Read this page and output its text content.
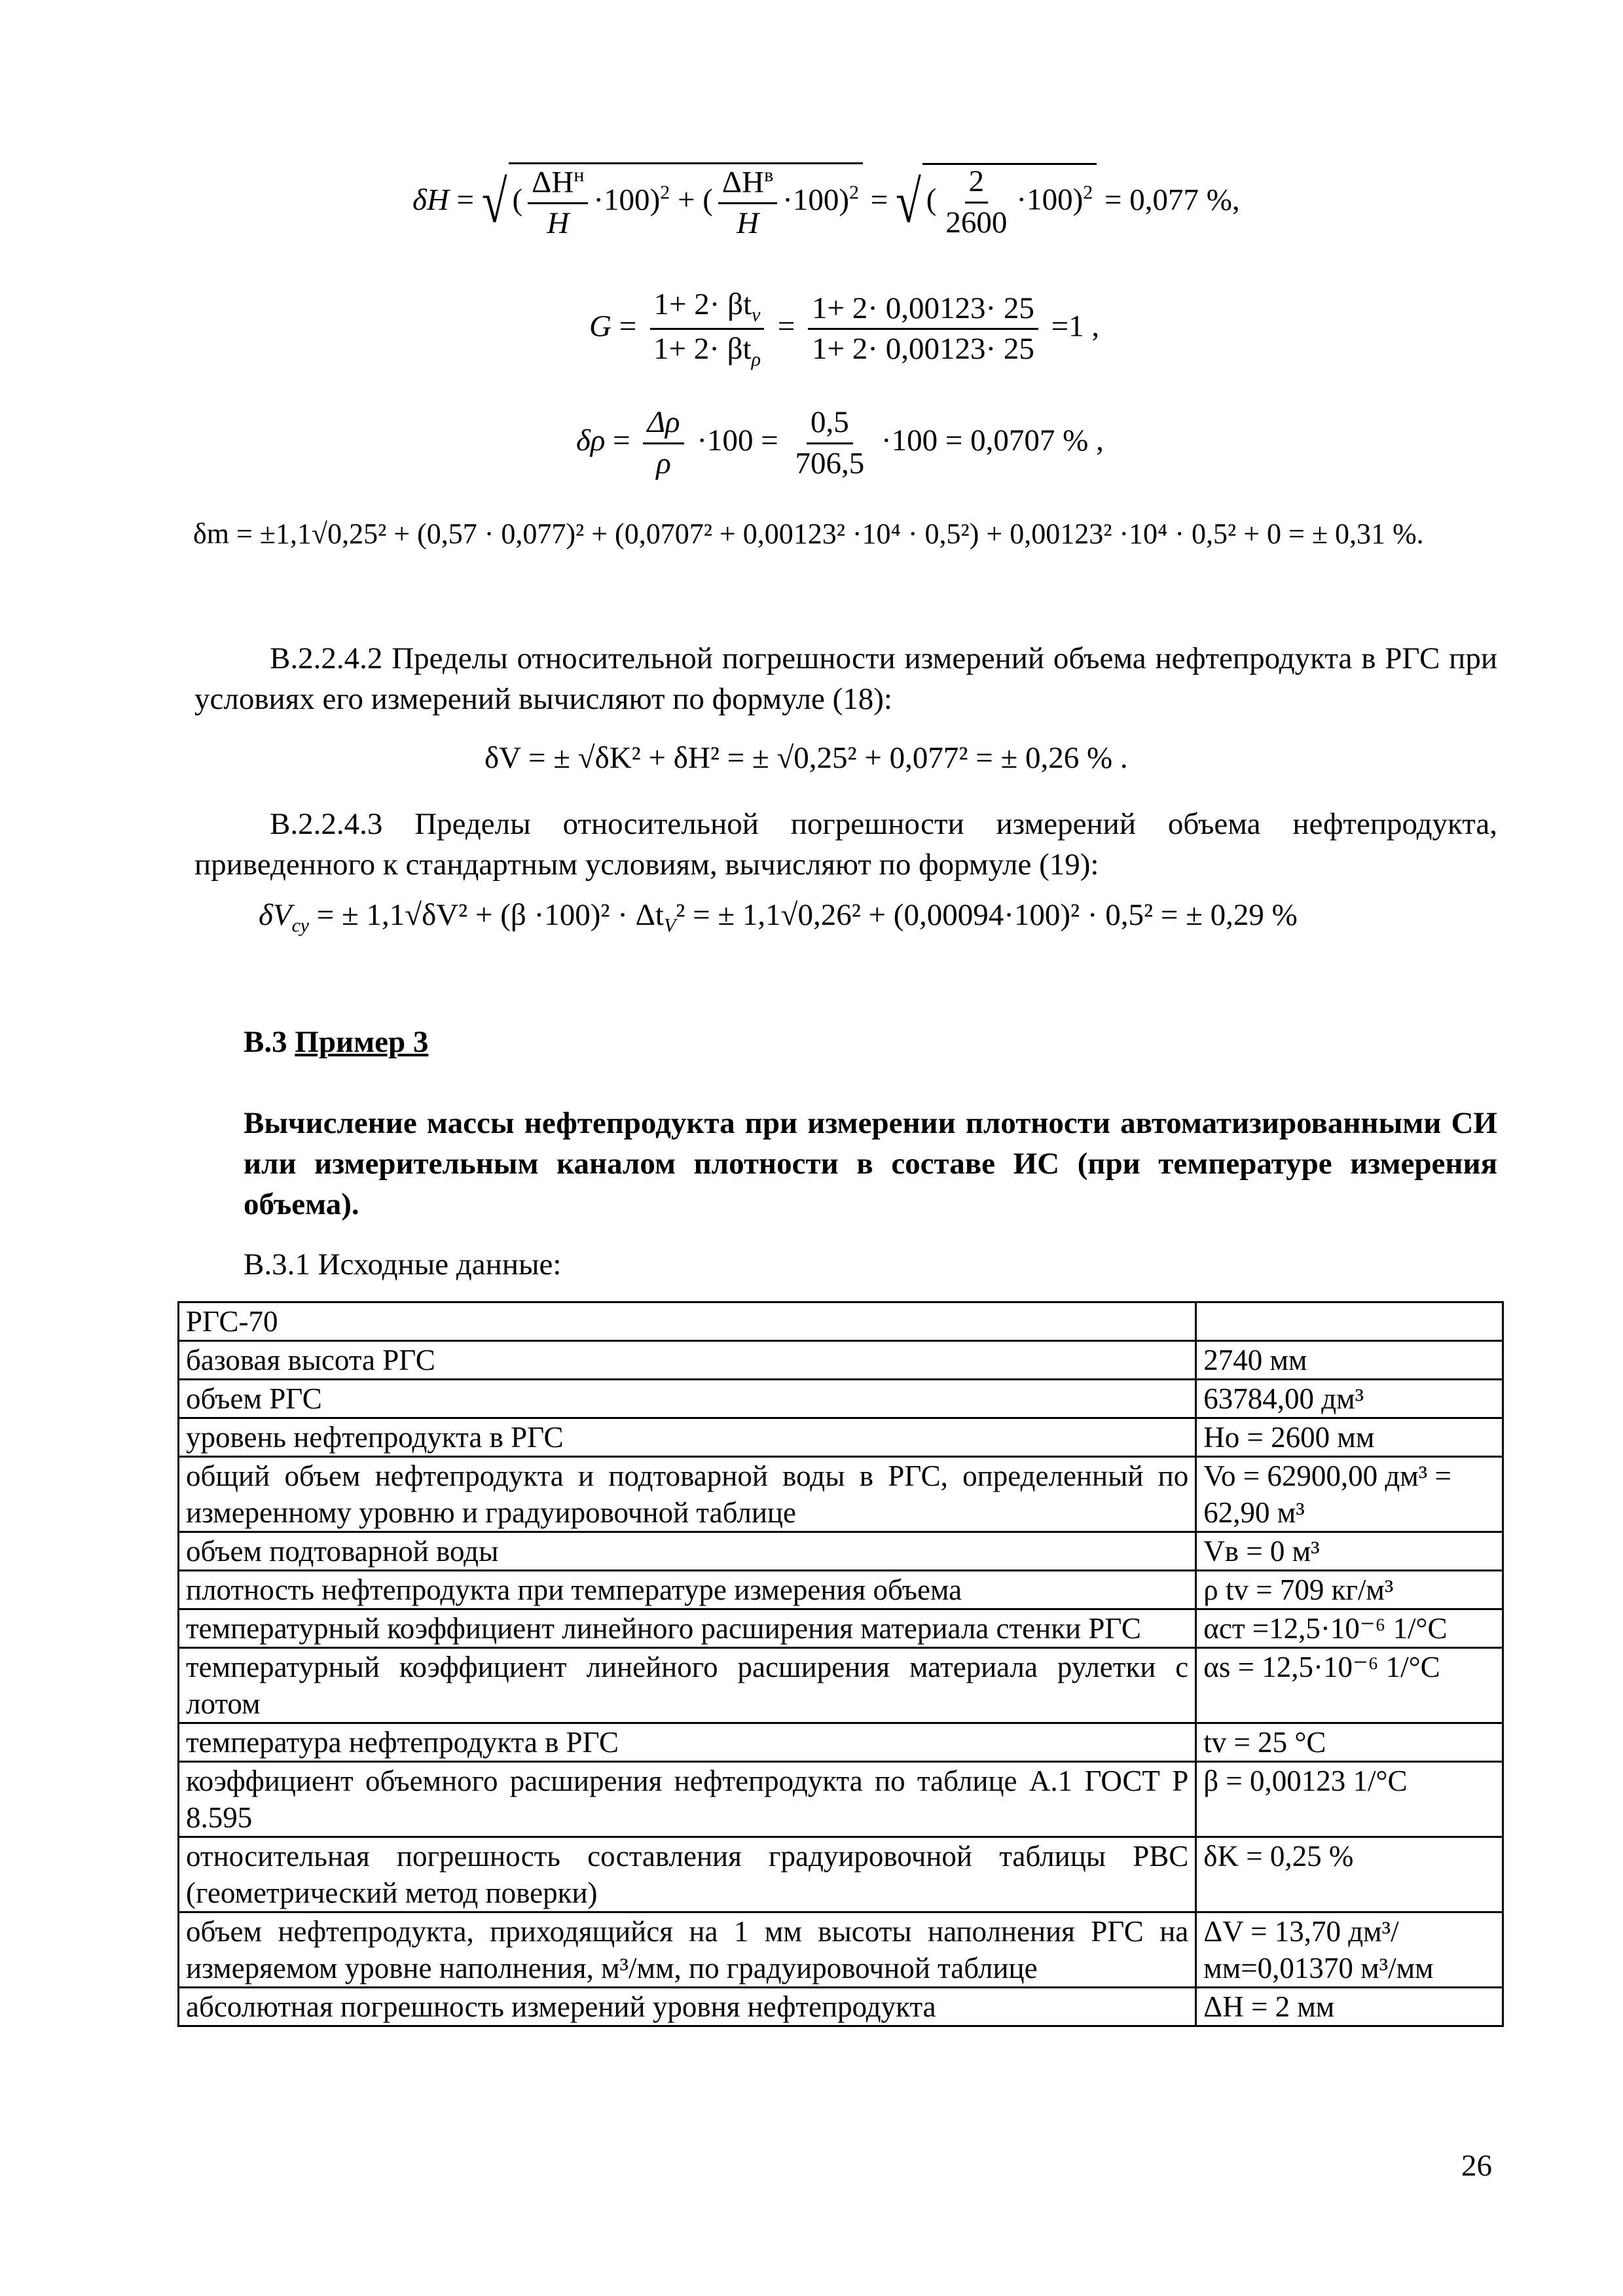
δH = √( $\frac{\Delta H^н}{H} \cdot 100)^2$ + ( $\frac{\Delta H^в}{H} \cdot 100)^2$ = √ ( $\frac{2}{2600} \cdot 100)^2 = 0,077$ %,
$G = \frac{1+ 2\cdot \beta t_v}{1+ 2\cdot \beta t_\rho} = \frac{1+ 2\cdot 0,00123\cdot 25}{1+ 2\cdot 0,00123\cdot 25} =1$ ,
$\delta\rho = \frac{\Delta\rho}{\rho} \cdot 100 = \frac{0,5}{706,5} \cdot 100 = 0,0707$ % ,
δm = ±1,1√0,25² + (0,57 · 0,077)² + (0,0707² + 0,00123² ·10⁴ · 0,5²) + 0,00123² ·10⁴ · 0,5² + 0 = ± 0,31 %.
В.2.2.4.2 Пределы относительной погрешности измерений объема нефтепродукта в РГС при условиях его измерений вычисляют по формуле (18):
δV = ± √δK² + δH² = ± √0,25² + 0,077² = ± 0,26 % .
В.2.2.4.3 Пределы относительной погрешности измерений объема нефтепродукта, приведенного к стандартным условиям, вычисляют по формуле (19):
$\delta V_{су}$ = ± $1,1√\delta V^2 + (\beta \cdot 100)^2 \cdot \Delta t_V^2$ = ± 1,1√0,26² + (0,00094·100)² · 0,5² = ± 0,29 %
В.3 Пример 3
Вычисление массы нефтепродукта при измерении плотности автоматизированными СИ или измерительным каналом плотности в составе ИС (при температуре измерения объема).
В.3.1 Исходные данные:
РГС-70	
базовая высота РГС	2740 мм
объем РГС	63784,00 дм³
уровень нефтепродукта в РГС	Ho = 2600 мм
общий объем нефтепродукта и подтоварной воды в РГС, определенный по измеренному уровню и градуировочной таблице	Vo = 62900,00 дм³ = 62,90 м³
объем подтоварной воды	Vв = 0 м³
плотность нефтепродукта при температуре измерения объема	ρ tv = 709 кг/м³
температурный коэффициент линейного расширения материала стенки РГС	αст =12,5·10⁻⁶ 1/°С
температурный коэффициент линейного расширения материала рулетки с лотом	αs = 12,5·10⁻⁶ 1/°С
температура нефтепродукта в РГС	tv = 25 °С
коэффициент объемного расширения нефтепродукта по таблице А.1 ГОСТ Р 8.595	β = 0,00123 1/°С
относительная погрешность составления градуировочной таблицы РВС (геометрический метод поверки)	δK = 0,25 %
объем нефтепродукта, приходящийся на 1 мм высоты наполнения РГС на измеряемом уровне наполнения, м³/мм, по градуировочной таблице	ΔV = 13,70 дм³/мм=0,01370 м³/мм
абсолютная погрешность измерений уровня нефтепродукта	ΔH = 2 мм
26
